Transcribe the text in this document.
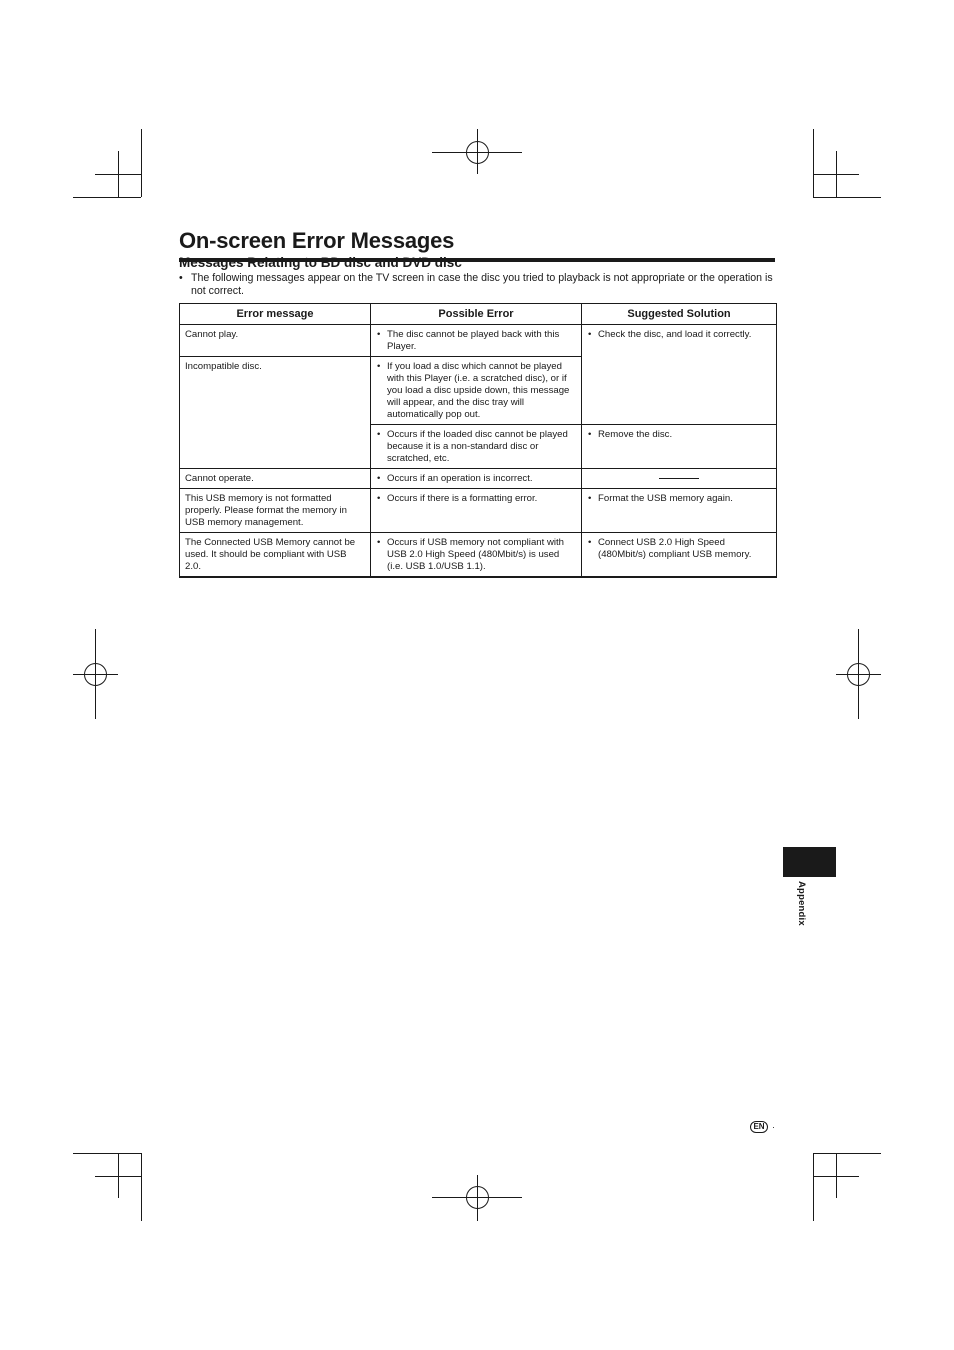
On-screen Error Messages
Messages Relating to BD disc and DVD disc
• The following messages appear on the TV screen in case the disc you tried to playback is not appropriate or the operation is not correct.
Error message	Possible Error	Suggested Solution
Cannot play.	• The disc cannot be played back with this Player.	• Check the disc, and load it correctly.

Incompatible disc.	• If you load a disc which cannot be played with this Player (i.e. a scratched disc), or if you load a disc upside down, this message will appear, and the disc tray will automatically pop out.	

	• Occurs if the loaded disc cannot be played because it is a non-standard disc or scratched, etc.	• Remove the disc.

Cannot operate.	• Occurs if an operation is incorrect.	

This USB memory is not formatted properly. Please format the memory in USB memory management.	• Occurs if there is a formatting error.	• Format the USB memory again.

The Connected USB Memory cannot be used. It should be compliant with USB 2.0.	• Occurs if USB memory not compliant with USB 2.0 High Speed (480Mbit/s) is used (i.e. USB 1.0/USB 1.1).	• Connect USB 2.0 High Speed (480Mbit/s) compliant USB memory.
Appendix
EN ·
